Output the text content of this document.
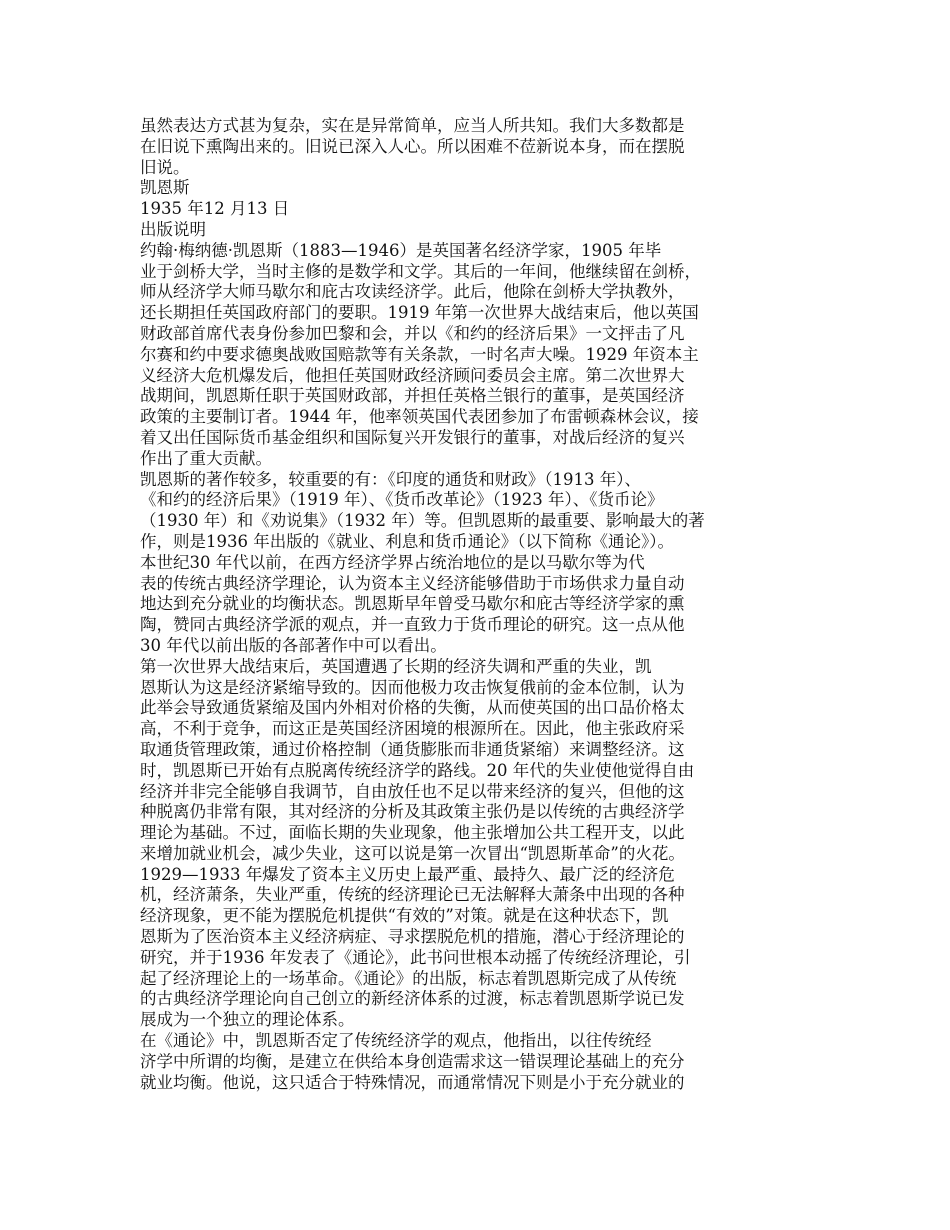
虽然表达方式甚为复杂，实在是异常简单，应当人所共知。我们大多数都是
在旧说下熏陶出来的。旧说已深入人心。所以困难不莅新说本身，而在摆脱
旧说。
凯恩斯
1935 年12 月13 日
出版说明
约翰·梅纳德·凯恩斯（1883—1946）是英国著名经济学家，1905 年毕
业于剑桥大学，当时主修的是数学和文学。其后的一年间，他继续留在剑桥，
师从经济学大师马歇尔和庇古攻读经济学。此后，他除在剑桥大学执教外，
还长期担任英国政府部门的要职。1919 年第一次世界大战结束后，他以英国
财政部首席代表身份参加巴黎和会，并以《和约的经济后果》一文抨击了凡
尔赛和约中要求德奥战败国赔款等有关条款，一时名声大噪。1929 年资本主
义经济大危机爆发后，他担任英国财政经济顾问委员会主席。第二次世界大
战期间，凯恩斯任职于英国财政部，并担任英格兰银行的董事，是英国经济
政策的主要制订者。1944 年，他率领英国代表团参加了布雷顿森林会议，接
着又出任国际货币基金组织和国际复兴开发银行的董事，对战后经济的复兴
作出了重大贡献。
凯恩斯的著作较多，较重要的有：《印度的通货和财政》（1913 年）、
《和约的经济后果》（1919 年）、《货币改革论》（1923 年）、《货币论》
（1930 年）和《劝说集》（1932 年）等。但凯恩斯的最重要、影响最大的著
作，则是1936 年出版的《就业、利息和货币通论》（以下简称《通论》）。
本世纪30 年代以前，在西方经济学界占统治地位的是以马歇尔等为代
表的传统古典经济学理论，认为资本主义经济能够借助于市场供求力量自动
地达到充分就业的均衡状态。凯恩斯早年曾受马歇尔和庇古等经济学家的熏
陶，赞同古典经济学派的观点，并一直致力于货币理论的研究。这一点从他
30 年代以前出版的各部著作中可以看出。
第一次世界大战结束后，英国遭遇了长期的经济失调和严重的失业，凯
恩斯认为这是经济紧缩导致的。因而他极力攻击恢复俄前的金本位制，认为
此举会导致通货紧缩及国内外相对价格的失衡，从而使英国的出口品价格太
高，不利于竞争，而这正是英国经济困境的根源所在。因此，他主张政府采
取通货管理政策，通过价格控制（通货膨胀而非通货紧缩）来调整经济。这
时，凯恩斯已开始有点脱离传统经济学的路线。20 年代的失业使他觉得自由
经济并非完全能够自我调节，自由放任也不足以带来经济的复兴，但他的这
种脱离仍非常有限，其对经济的分析及其政策主张仍是以传统的古典经济学
理论为基础。不过，面临长期的失业现象，他主张增加公共工程开支，以此
来增加就业机会，减少失业，这可以说是第一次冒出“凯恩斯革命”的火花。
1929—1933 年爆发了资本主义历史上最严重、最持久、最广泛的经济危
机，经济萧条，失业严重，传统的经济理论已无法解释大萧条中出现的各种
经济现象，更不能为摆脱危机提供“有效的”对策。就是在这种状态下，凯
恩斯为了医治资本主义经济病症、寻求摆脱危机的措施，潜心于经济理论的
研究，并于1936 年发表了《通论》，此书问世根本动摇了传统经济理论，引
起了经济理论上的一场革命。《通论》的出版，标志着凯恩斯完成了从传统
的古典经济学理论向自己创立的新经济体系的过渡，标志着凯恩斯学说已发
展成为一个独立的理论体系。
在《通论》中，凯恩斯否定了传统经济学的观点，他指出，以往传统经
济学中所谓的均衡，是建立在供给本身创造需求这一错误理论基础上的充分
就业均衡。他说，这只适合于特殊情况，而通常情况下则是小于充分就业的
